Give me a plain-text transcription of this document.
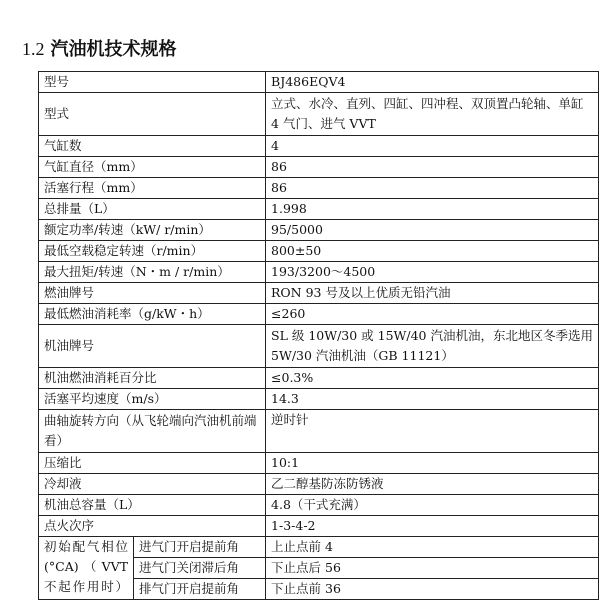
1.2 汽油机技术规格
型号		BJ486EQV4
型式		立式、水冷、直列、四缸、四冲程、双顶置凸轮轴、单缸 4 气门、进气 VVT
气缸数		4
气缸直径（mm）		86
活塞行程（mm）		86
总排量（L）		1.998
额定功率/转速（kW/ r/min）		95/5000
最低空载稳定转速（r/min）		800±50
最大扭矩/转速（N・m / r/min）		193/3200～4500
燃油牌号		RON 93 号及以上优质无铅汽油
最低燃油消耗率（g/kW・h）		≤260
机油牌号		SL 级 10W/30 或 15W/40 汽油机油，东北地区冬季选用 5W/30 汽油机油（GB 11121）
机油燃油消耗百分比		≤0.3%
活塞平均速度（m/s）		14.3
曲轴旋转方向（从飞轮端向汽油机前端看）		逆时针
压缩比		10:1
冷却液		乙二醇基防冻防锈液
机油总容量（L）		4.8（干式充满）
点火次序		1-3-4-2
初始配气相位(°CA)（VVT不起作用时）	进气门开启提前角	上止点前 4
	进气门关闭滞后角	下止点后 56
	排气门开启提前角	下止点前 36
